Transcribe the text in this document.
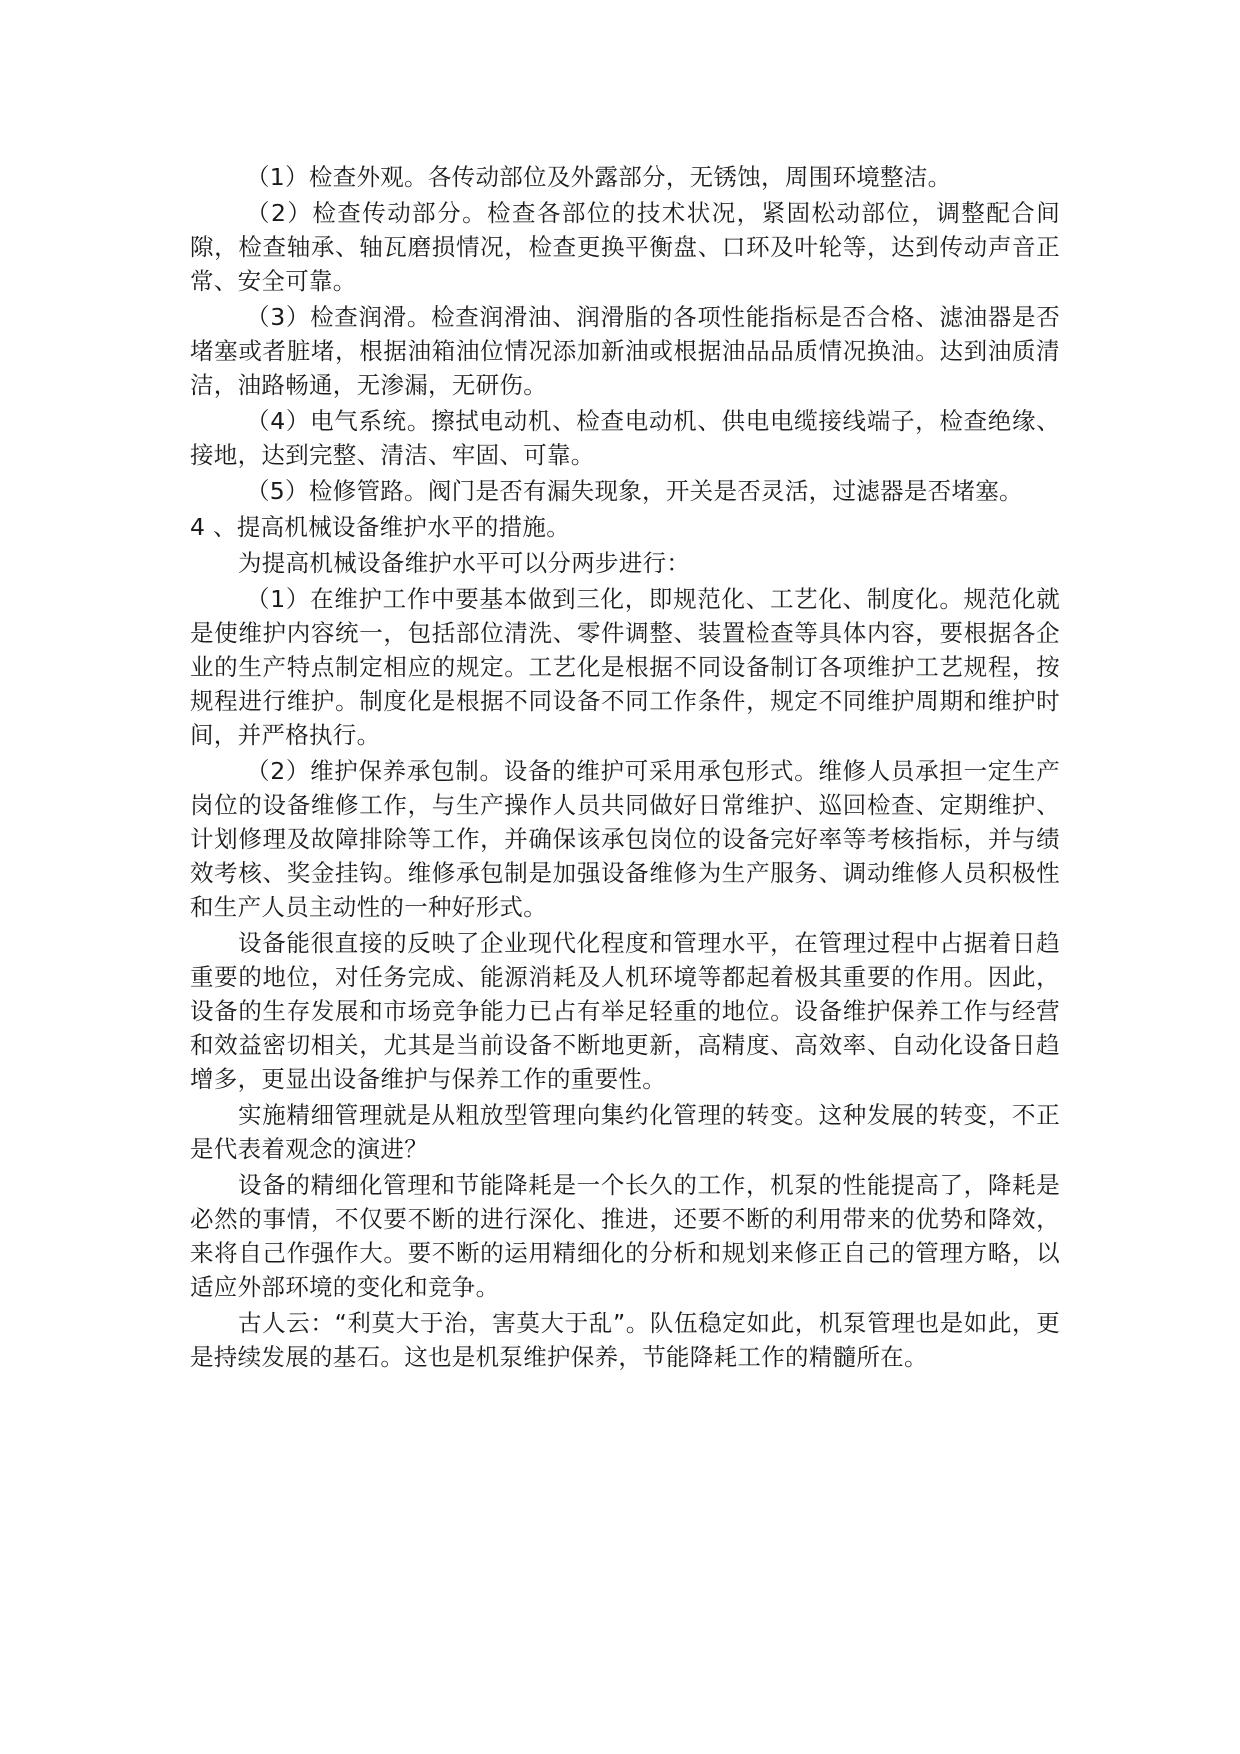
（1）检查外观。各传动部位及外露部分，无锈蚀，周围环境整洁。

（2）检查传动部分。检查各部位的技术状况，紧固松动部位，调整配合间隙，检查轴承、轴瓦磨损情况，检查更换平衡盘、口环及叶轮等，达到传动声音正常、安全可靠。

（3）检查润滑。检查润滑油、润滑脂的各项性能指标是否合格、滤油器是否堵塞或者脏堵，根据油箱油位情况添加新油或根据油品品质情况换油。达到油质清洁，油路畅通，无渗漏，无研伤。

（4）电气系统。擦拭电动机、检查电动机、供电电缆接线端子，检查绝缘、接地，达到完整、清洁、牢固、可靠。

（5）检修管路。阀门是否有漏失现象，开关是否灵活，过滤器是否堵塞。

4 、提高机械设备维护水平的措施。

为提高机械设备维护水平可以分两步进行：

（1）在维护工作中要基本做到三化，即规范化、工艺化、制度化。规范化就是使维护内容统一，包括部位清洗、零件调整、装置检查等具体内容，要根据各企业的生产特点制定相应的规定。工艺化是根据不同设备制订各项维护工艺规程，按规程进行维护。制度化是根据不同设备不同工作条件，规定不同维护周期和维护时间，并严格执行。

（2）维护保养承包制。设备的维护可采用承包形式。维修人员承担一定生产岗位的设备维修工作，与生产操作人员共同做好日常维护、巡回检查、定期维护、计划修理及故障排除等工作，并确保该承包岗位的设备完好率等考核指标，并与绩效考核、奖金挂钩。维修承包制是加强设备维修为生产服务、调动维修人员积极性和生产人员主动性的一种好形式。

设备能很直接的反映了企业现代化程度和管理水平，在管理过程中占据着日趋重要的地位，对任务完成、能源消耗及人机环境等都起着极其重要的作用。因此，设备的生存发展和市场竞争能力已占有举足轻重的地位。设备维护保养工作与经营和效益密切相关，尤其是当前设备不断地更新，高精度、高效率、自动化设备日趋增多，更显出设备维护与保养工作的重要性。

实施精细管理就是从粗放型管理向集约化管理的转变。这种发展的转变，不正是代表着观念的演进？

设备的精细化管理和节能降耗是一个长久的工作，机泵的性能提高了，降耗是必然的事情，不仅要不断的进行深化、推进，还要不断的利用带来的优势和降效，来将自己作强作大。要不断的运用精细化的分析和规划来修正自己的管理方略，以适应外部环境的变化和竞争。

古人云：“利莫大于治，害莫大于乱”。队伍稳定如此，机泵管理也是如此，更是持续发展的基石。这也是机泵维护保养，节能降耗工作的精髓所在。
